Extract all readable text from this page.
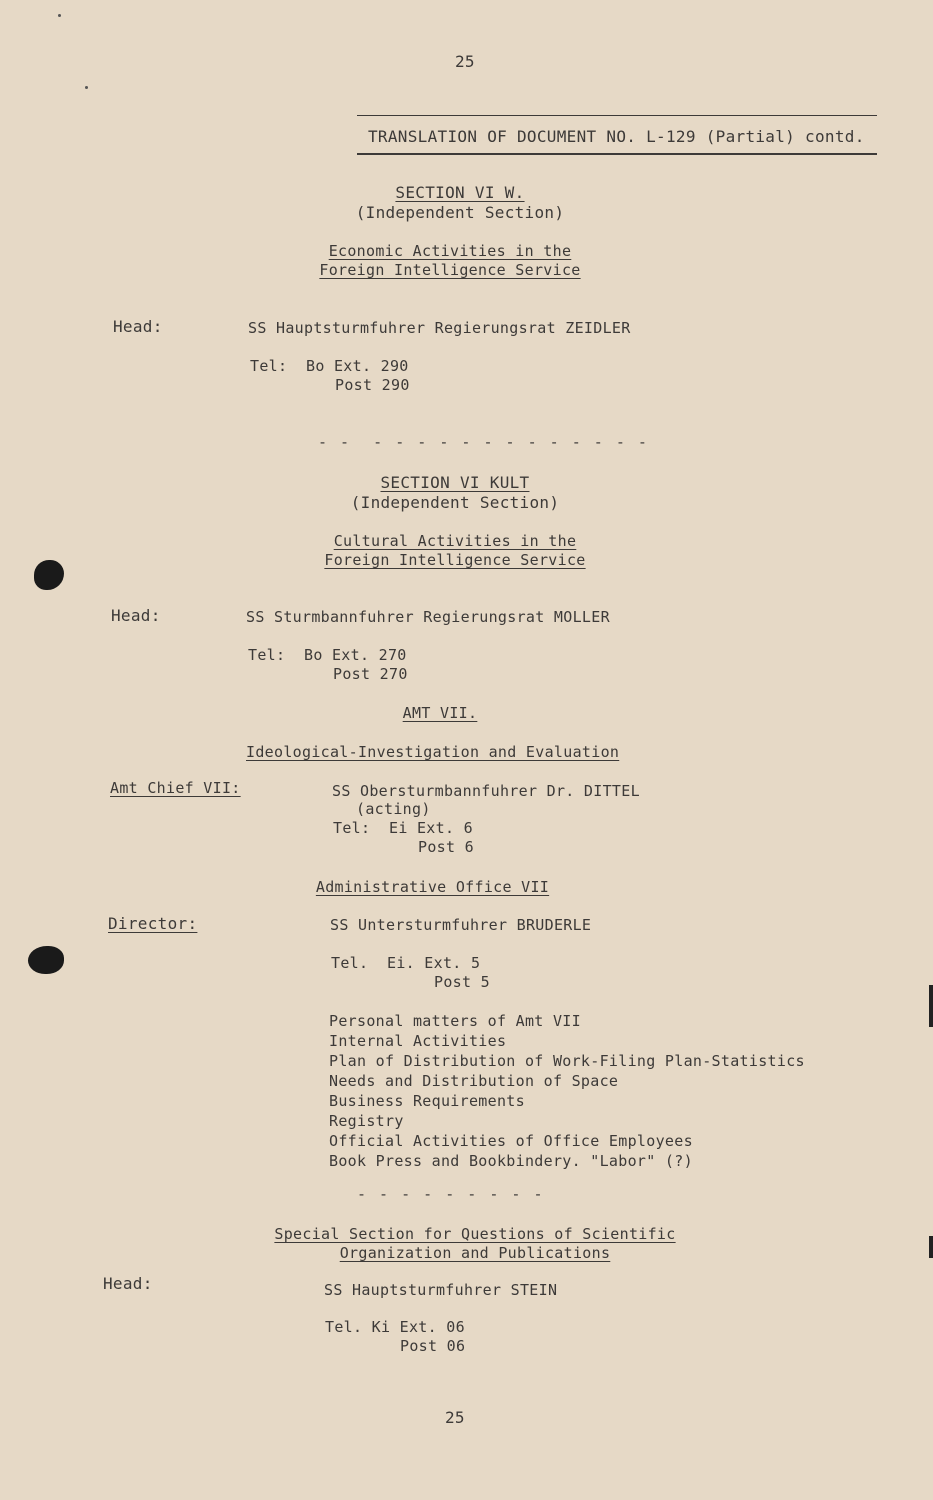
25
TRANSLATION OF DOCUMENT NO. L-129 (Partial) contd.
SECTION VI W.
(Independent Section)
Economic Activities in the
Foreign Intelligence Service
Head:	SS Hauptsturmfuhrer Regierungsrat ZEIDLER
Tel:  Bo Ext. 290
Post 290
- -  - - - - - - - - - - - - -
SECTION VI KULT
(Independent Section)
Cultural Activities in the
Foreign Intelligence Service
Head:	SS Sturmbannfuhrer Regierungsrat MOLLER
Tel:  Bo Ext. 270
Post 270
AMT VII.
Ideological-Investigation and Evaluation
Amt Chief VII:	SS Obersturmbannfuhrer Dr. DITTEL
(acting)
Tel:  Ei Ext. 6
Post 6
Administrative Office VII
Director:	SS Untersturmfuhrer BRUDERLE
Tel.  Ei. Ext. 5
Post 5
Personal matters of Amt VII
Internal Activities
Plan of Distribution of Work-Filing Plan-Statistics
Needs and Distribution of Space
Business Requirements
Registry
Official Activities of Office Employees
Book Press and Bookbindery. "Labor" (?)
- - - - - - - - -
Special Section for Questions of Scientific
Organization and Publications
Head:	SS Hauptsturmfuhrer STEIN
Tel. Ki Ext. 06
Post 06
25
